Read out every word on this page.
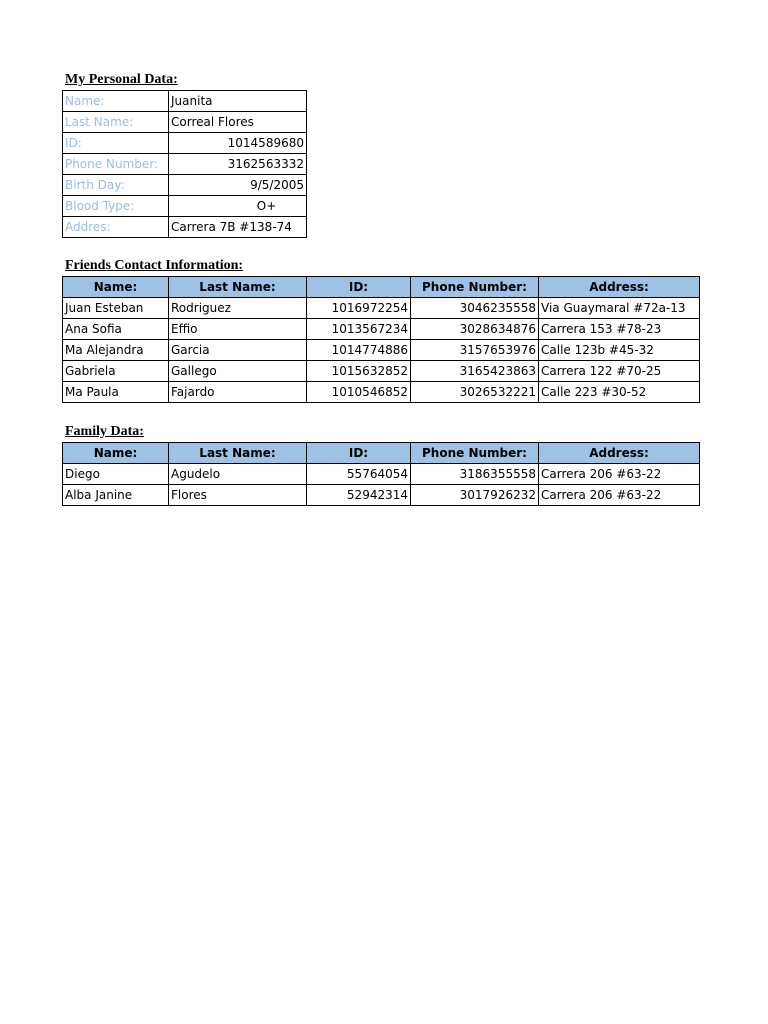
My Personal Data:
Name:	Juanita
Last Name:	Correal Flores
ID:	1014589680
Phone Number:	3162563332
Birth Day:	9/5/2005
Blood Type:	O+
Addres:	Carrera 7B #138-74
Friends Contact Information:
Name:	Last Name:	ID:	Phone Number:	Address:
Juan Esteban	Rodriguez	1016972254	3046235558	Via Guaymaral #72a-13
Ana Sofia	Effio	1013567234	3028634876	Carrera 153 #78-23
Ma Alejandra	Garcia	1014774886	3157653976	Calle 123b #45-32
Gabriela	Gallego	1015632852	3165423863	Carrera 122 #70-25
Ma Paula	Fajardo	1010546852	3026532221	Calle 223 #30-52
Family Data:
Name:	Last Name:	ID:	Phone Number:	Address:
Diego	Agudelo	55764054	3186355558	Carrera 206 #63-22
Alba Janine	Flores	52942314	3017926232	Carrera 206 #63-22
